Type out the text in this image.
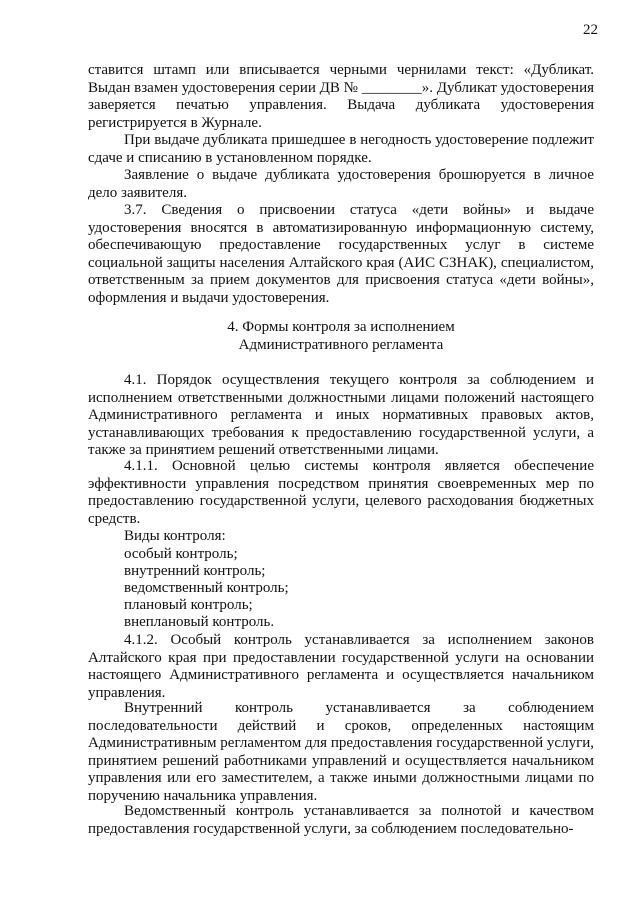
22
ставится штамп или вписывается черными чернилами текст: «Дубликат. Выдан взамен удостоверения серии ДВ № ________». Дубликат удостоверения заверяется печатью управления. Выдача дубликата удостоверения регистрируется в Журнале.
При выдаче дубликата пришедшее в негодность удостоверение подлежит сдаче и списанию в установленном порядке.
Заявление о выдаче дубликата удостоверения брошюруется в личное дело заявителя.
3.7. Сведения о присвоении статуса «дети войны» и выдаче удостоверения вносятся в автоматизированную информационную систему, обеспечивающую предоставление государственных услуг в системе социальной защиты населения Алтайского края (АИС СЗНАК), специалистом, ответственным за прием документов для присвоения статуса «дети войны», оформления и выдачи удостоверения.
4. Формы контроля за исполнением
Административного регламента
4.1. Порядок осуществления текущего контроля за соблюдением и исполнением ответственными должностными лицами положений настоящего Административного регламента и иных нормативных правовых актов, устанавливающих требования к предоставлению государственной услуги, а также за принятием решений ответственными лицами.
4.1.1. Основной целью системы контроля является обеспечение эффективности управления посредством принятия своевременных мер по предоставлению государственной услуги, целевого расходования бюджетных средств.
Виды контроля:
особый контроль;
внутренний контроль;
ведомственный контроль;
плановый контроль;
внеплановый контроль.
4.1.2. Особый контроль устанавливается за исполнением законов Алтайского края при предоставлении государственной услуги на основании настоящего Административного регламента и осуществляется начальником управления.
Внутренний контроль устанавливается за соблюдением последовательности действий и сроков, определенных настоящим Административным регламентом для предоставления государственной услуги, принятием решений работниками управлений и осуществляется начальником управления или его заместителем, а также иными должностными лицами по поручению начальника управления.
Ведомственный контроль устанавливается за полнотой и качеством предоставления государственной услуги, за соблюдением последовательно-
